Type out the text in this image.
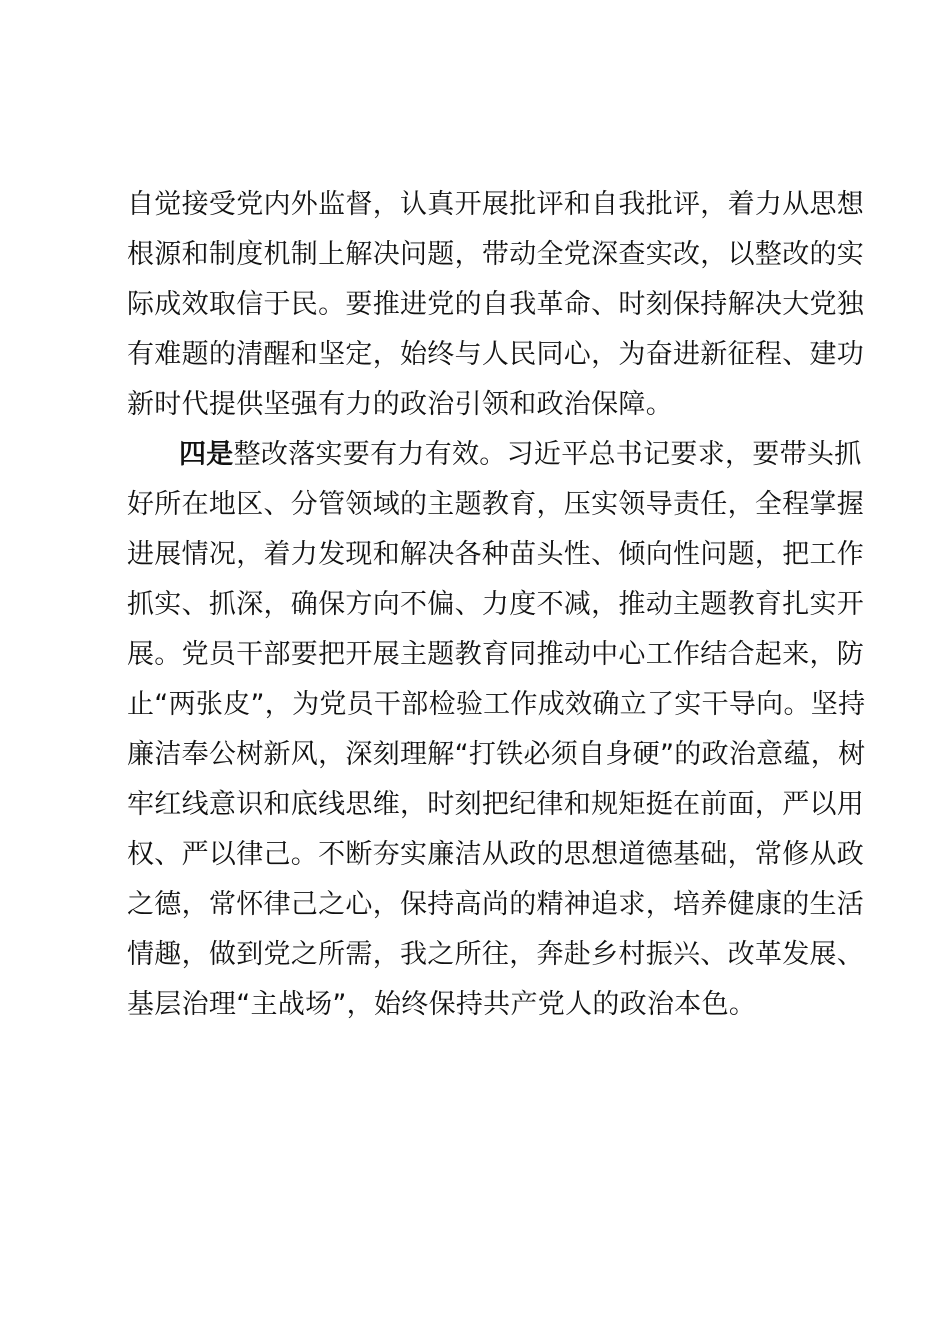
自觉接受党内外监督，认真开展批评和自我批评，着力从思想
根源和制度机制上解决问题，带动全党深查实改，以整改的实
际成效取信于民。要推进党的自我革命、时刻保持解决大党独
有难题的清醒和坚定，始终与人民同心，为奋进新征程、建功
新时代提供坚强有力的政治引领和政治保障。
四是整改落实要有力有效。习近平总书记要求，要带头抓
好所在地区、分管领域的主题教育，压实领导责任，全程掌握
进展情况，着力发现和解决各种苗头性、倾向性问题，把工作
抓实、抓深，确保方向不偏、力度不减，推动主题教育扎实开
展。党员干部要把开展主题教育同推动中心工作结合起来，防
止“两张皮”，为党员干部检验工作成效确立了实干导向。坚持
廉洁奉公树新风，深刻理解“打铁必须自身硬”的政治意蕴，树
牢红线意识和底线思维，时刻把纪律和规矩挺在前面，严以用
权、严以律己。不断夯实廉洁从政的思想道德基础，常修从政
之德，常怀律己之心，保持高尚的精神追求，培养健康的生活
情趣，做到党之所需，我之所往，奔赴乡村振兴、改革发展、
基层治理“主战场”，始终保持共产党人的政治本色。
